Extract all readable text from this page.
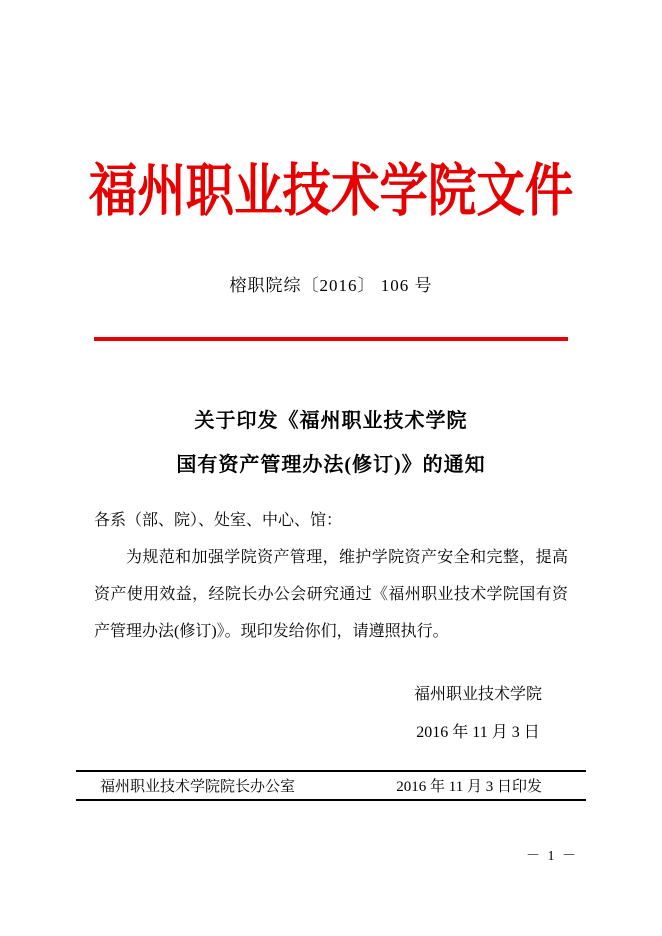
福州职业技术学院文件
榕职院综〔2016〕 106 号
关于印发《福州职业技术学院
国有资产管理办法(修订)》的通知
各系（部、院）、处室、中心、馆：
为规范和加强学院资产管理，维护学院资产安全和完整，提高资产使用效益，经院长办公会研究通过《福州职业技术学院国有资产管理办法(修订)》。现印发给你们，请遵照执行。
福州职业技术学院
2016 年 11 月 3 日
福州职业技术学院院长办公室	2016 年 11 月 3 日印发
－ 1 －
